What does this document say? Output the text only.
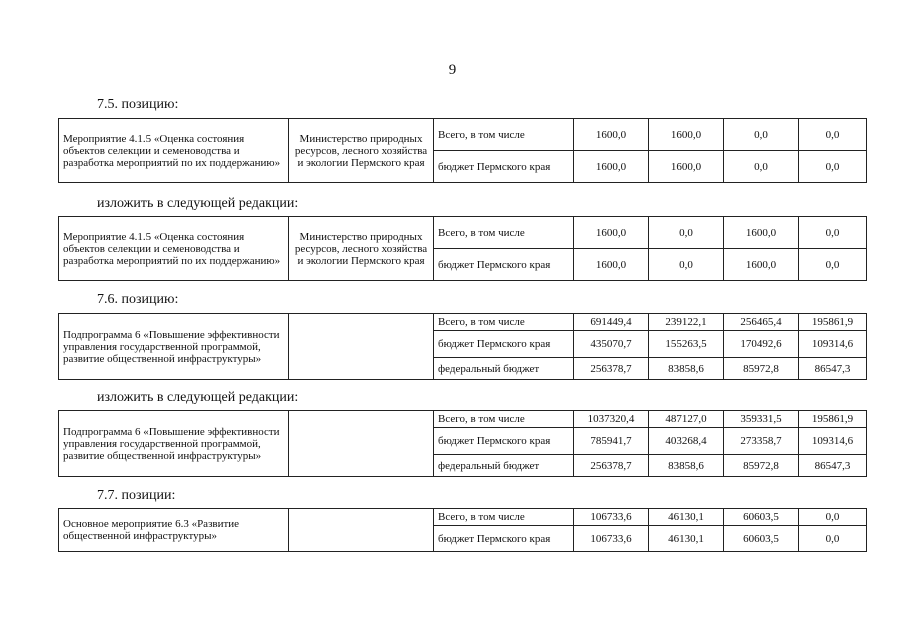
9
7.5. позицию:
Мероприятие 4.1.5 «Оценка состояния объектов селекции и семеноводства и разработка мероприятий по их поддержанию»	Министерство природных ресурсов, лесного хозяйства и экологии Пермского края	Всего, в том числе	1600,0	1600,0	0,0	0,0
		бюджет Пермского края	1600,0	1600,0	0,0	0,0
изложить в следующей редакции:
Мероприятие 4.1.5 «Оценка состояния объектов селекции и семеноводства и разработка мероприятий по их поддержанию»	Министерство природных ресурсов, лесного хозяйства и экологии Пермского края	Всего, в том числе	1600,0	0,0	1600,0	0,0
		бюджет Пермского края	1600,0	0,0	1600,0	0,0
7.6. позицию:
Подпрограмма 6 «Повышение эффективности управления государственной программой, развитие общественной инфраструктуры»		Всего, в том числе	691449,4	239122,1	256465,4	195861,9
		бюджет Пермского края	435070,7	155263,5	170492,6	109314,6
		федеральный бюджет	256378,7	83858,6	85972,8	86547,3
изложить в следующей редакции:
Подпрограмма 6 «Повышение эффективности управления государственной программой, развитие общественной инфраструктуры»		Всего, в том числе	1037320,4	487127,0	359331,5	195861,9
		бюджет Пермского края	785941,7	403268,4	273358,7	109314,6
		федеральный бюджет	256378,7	83858,6	85972,8	86547,3
7.7. позиции:
Основное мероприятие 6.3 «Развитие общественной инфраструктуры»		Всего, в том числе	106733,6	46130,1	60603,5	0,0
		бюджет Пермского края	106733,6	46130,1	60603,5	0,0
